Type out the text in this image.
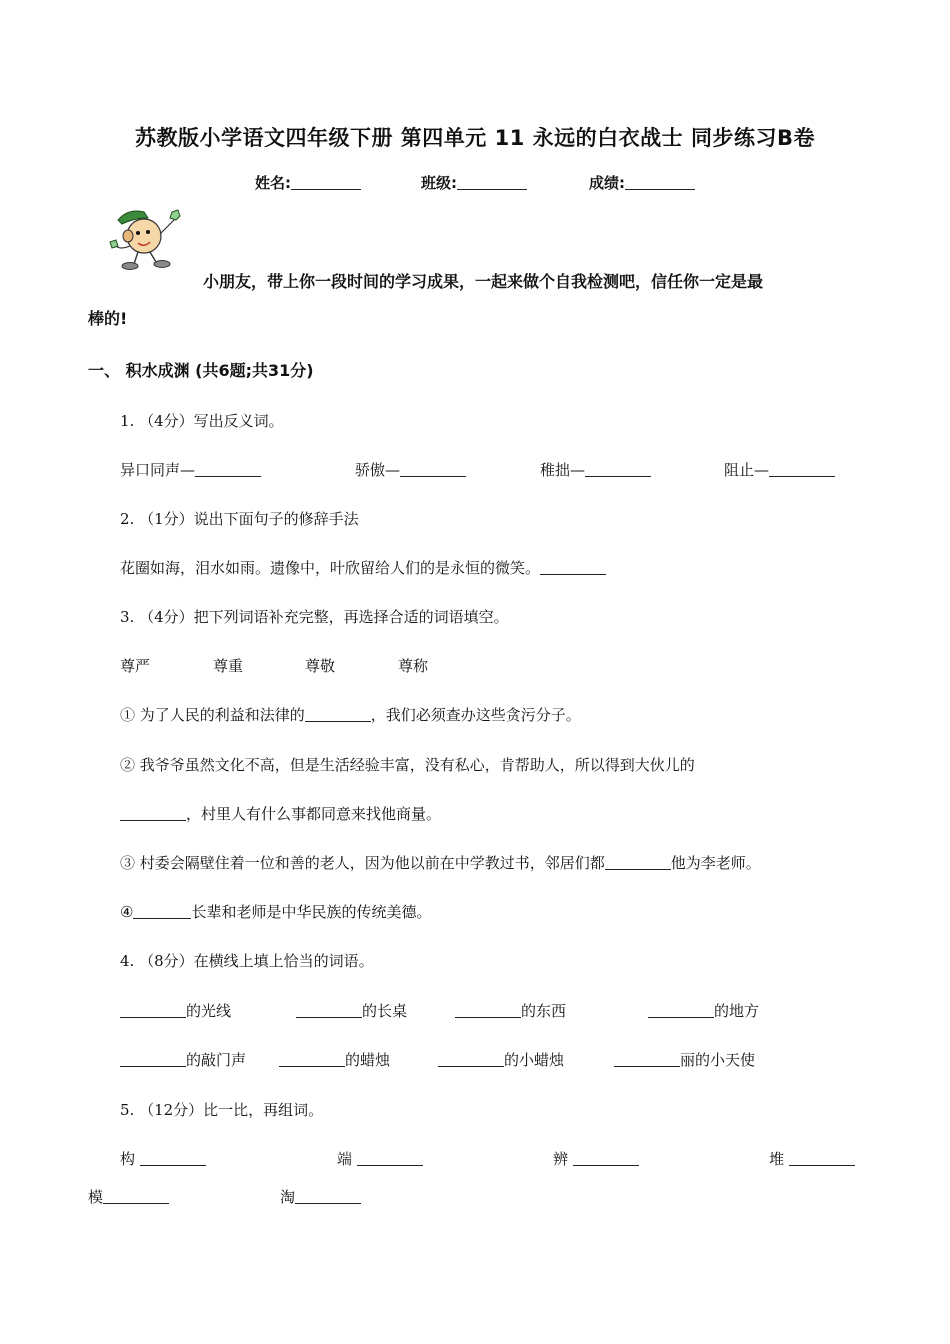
苏教版小学语文四年级下册 第四单元 11 永远的白衣战士 同步练习B卷
姓名:	班级:	成绩:
小朋友，带上你一段时间的学习成果，一起来做个自我检测吧，信任你一定是最
棒的!
一、 积水成渊 (共6题;共31分)
1. （4分）写出反义词。
异口同声—	骄傲—	稚拙—	阻止—
2. （1分）说出下面句子的修辞手法
花圈如海，泪水如雨。遗像中，叶欣留给人们的是永恒的微笑。
3. （4分）把下列词语补充完整，再选择合适的词语填空。
尊严	尊重	尊敬	尊称
① 为了人民的利益和法律的	，我们必须查办这些贪污分子。
② 我爷爷虽然文化不高，但是生活经验丰富，没有私心，肯帮助人，所以得到大伙儿的
，村里人有什么事都同意来找他商量。
③ 村委会隔壁住着一位和善的老人，因为他以前在中学教过书，邻居们都	他为李老师。
④	长辈和老师是中华民族的传统美德。
4. （8分）在横线上填上恰当的词语。
的光线	的长桌	的东西	的地方
的敲门声	的蜡烛	的小蜡烛	丽的小天使
5. （12分）比一比，再组词。
构	端	辨	堆
模	淘
